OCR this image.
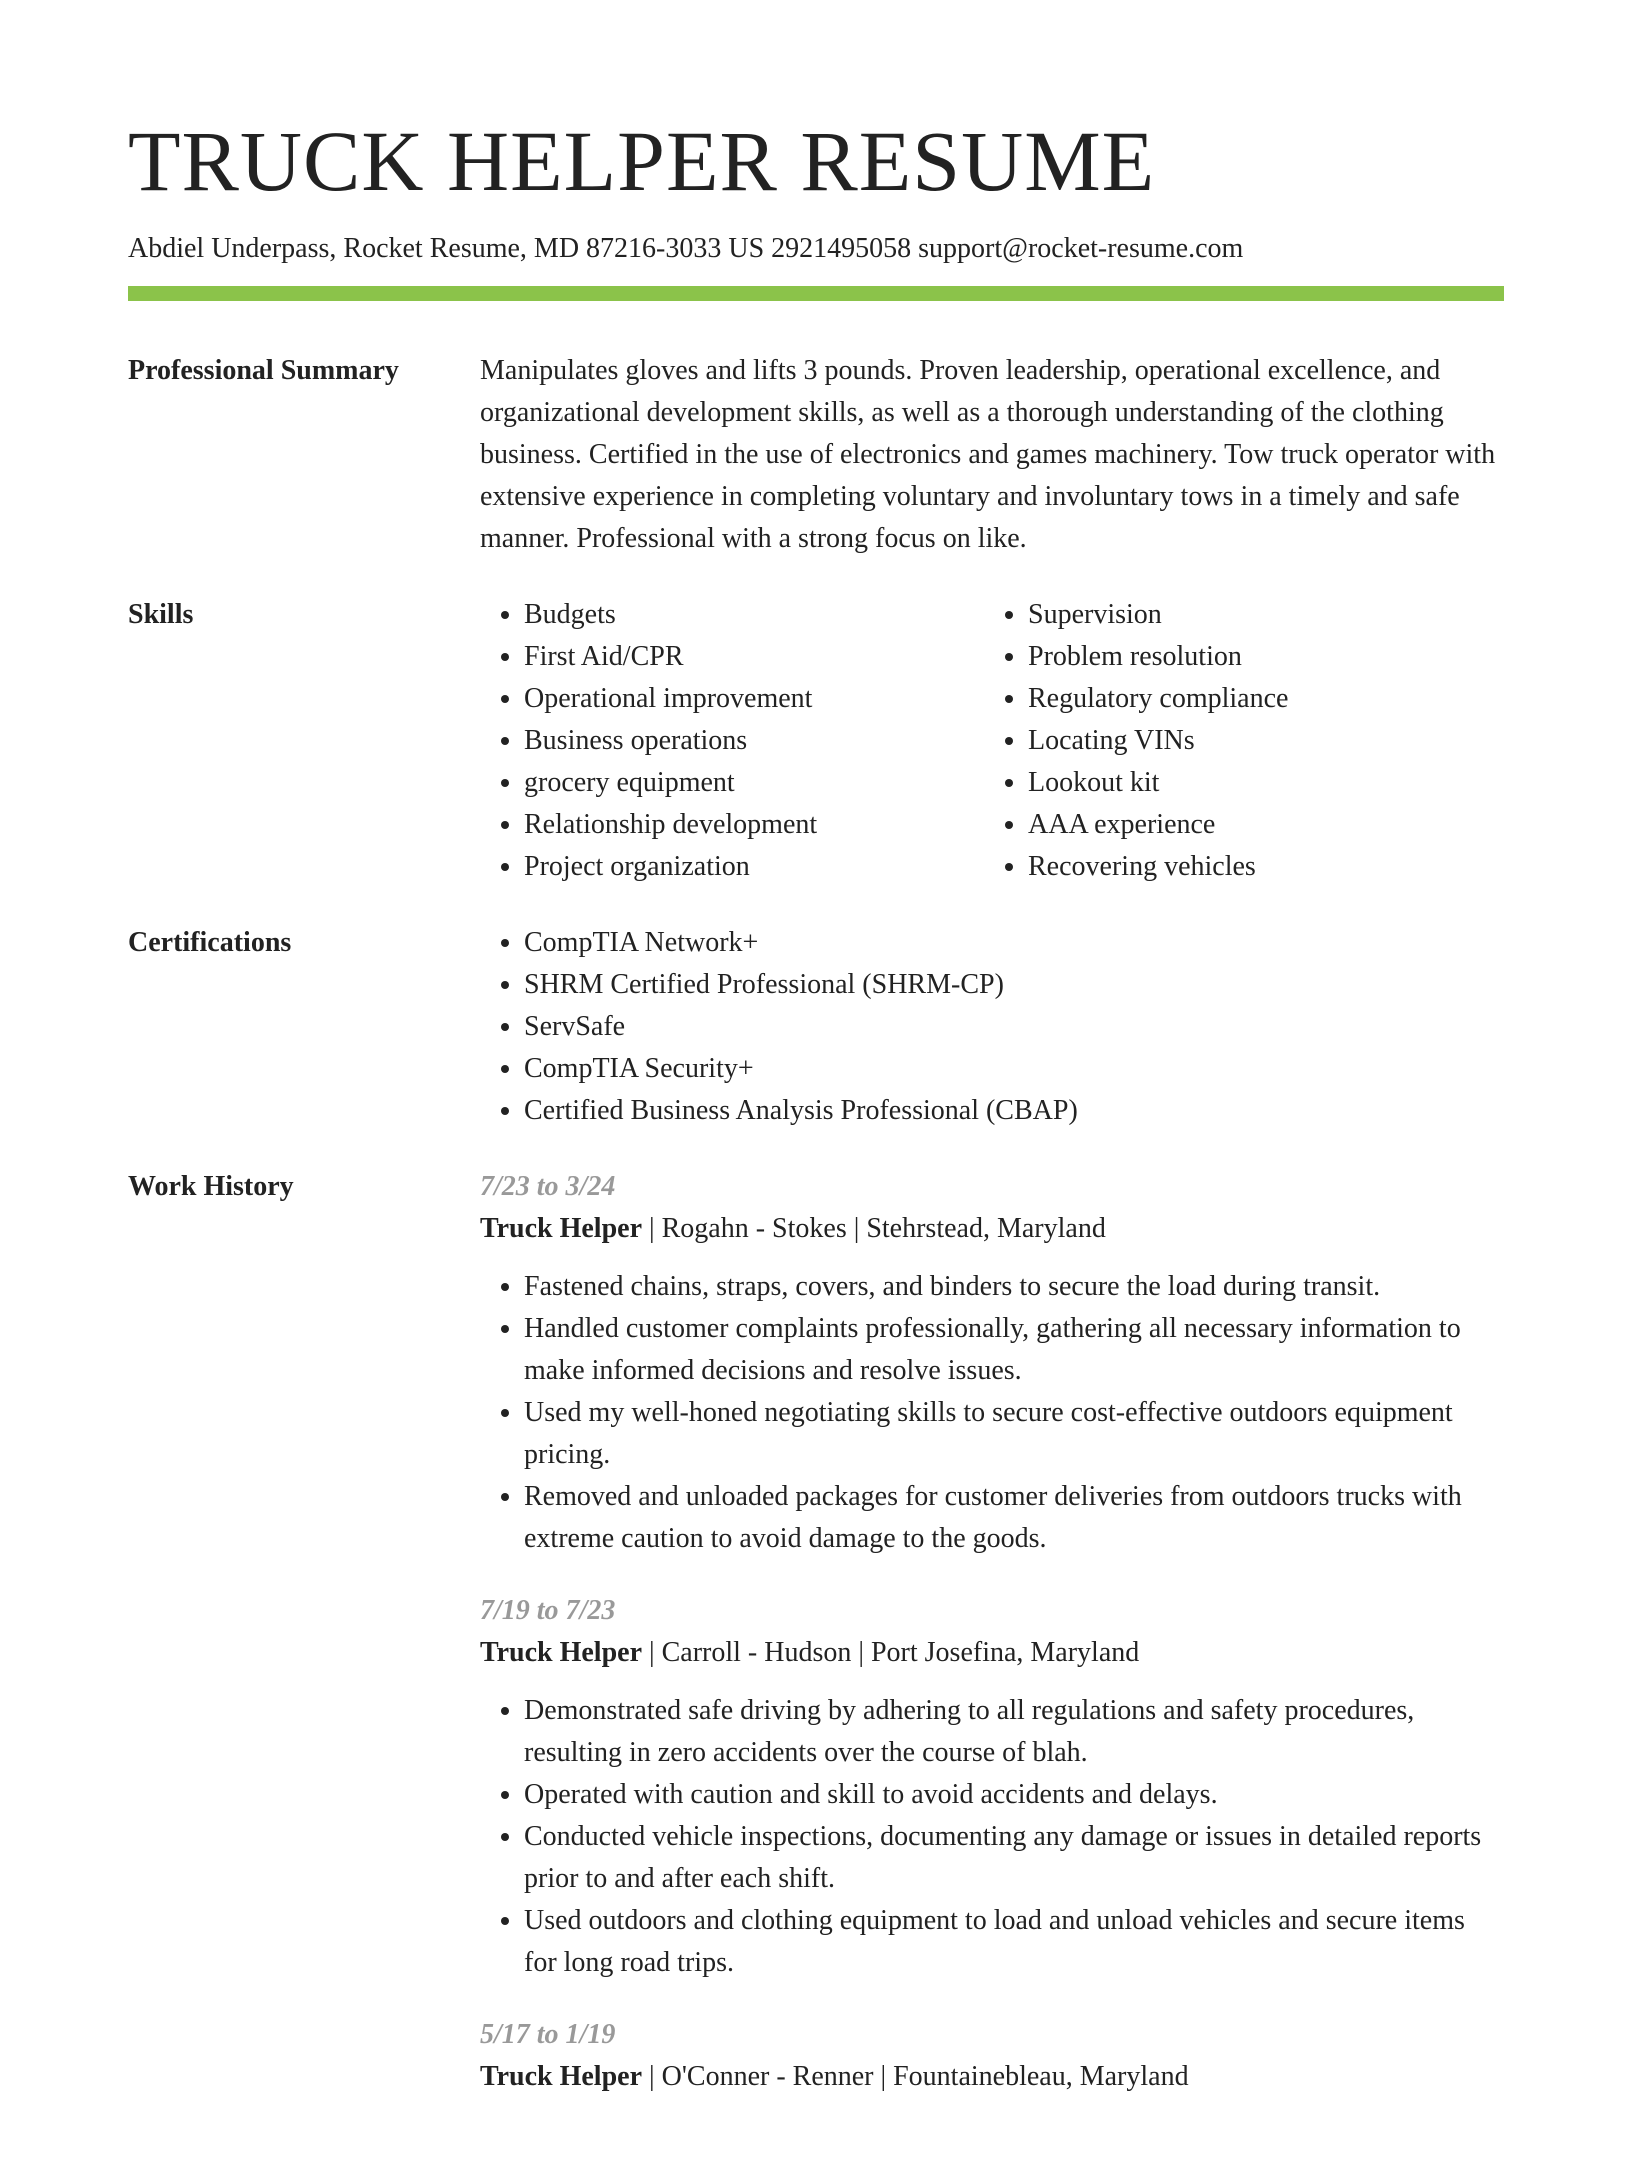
TRUCK HELPER RESUME
Abdiel Underpass, Rocket Resume, MD 87216-3033 US 2921495058 support@rocket-resume.com
Professional Summary	Manipulates gloves and lifts 3 pounds. Proven leadership, operational excellence, and organizational development skills, as well as a thorough understanding of the clothing business. Certified in the use of electronics and games machinery. Tow truck operator with extensive experience in completing voluntary and involuntary tows in a timely and safe manner. Professional with a strong focus on like.

Skills	• Budgets
• First Aid/CPR
• Operational improvement
• Business operations
• grocery equipment
• Relationship development
• Project organization
• Supervision
• Problem resolution
• Regulatory compliance
• Locating VINs
• Lookout kit
• AAA experience
• Recovering vehicles
Certifications	• CompTIA Network+
• SHRM Certified Professional (SHRM-CP)
• ServSafe
• CompTIA Security+
• Certified Business Analysis Professional (CBAP)
Work History	7/23 to 3/24
Truck Helper | Rogahn - Stokes | Stehrstead, Maryland
• Fastened chains, straps, covers, and binders to secure the load during transit.
• Handled customer complaints professionally, gathering all necessary information to make informed decisions and resolve issues.
• Used my well-honed negotiating skills to secure cost-effective outdoors equipment pricing.
• Removed and unloaded packages for customer deliveries from outdoors trucks with extreme caution to avoid damage to the goods.
7/19 to 7/23
Truck Helper | Carroll - Hudson | Port Josefina, Maryland
• Demonstrated safe driving by adhering to all regulations and safety procedures, resulting in zero accidents over the course of blah.
• Operated with caution and skill to avoid accidents and delays.
• Conducted vehicle inspections, documenting any damage or issues in detailed reports prior to and after each shift.
• Used outdoors and clothing equipment to load and unload vehicles and secure items for long road trips.
5/17 to 1/19
Truck Helper | O'Conner - Renner | Fountainebleau, Maryland
